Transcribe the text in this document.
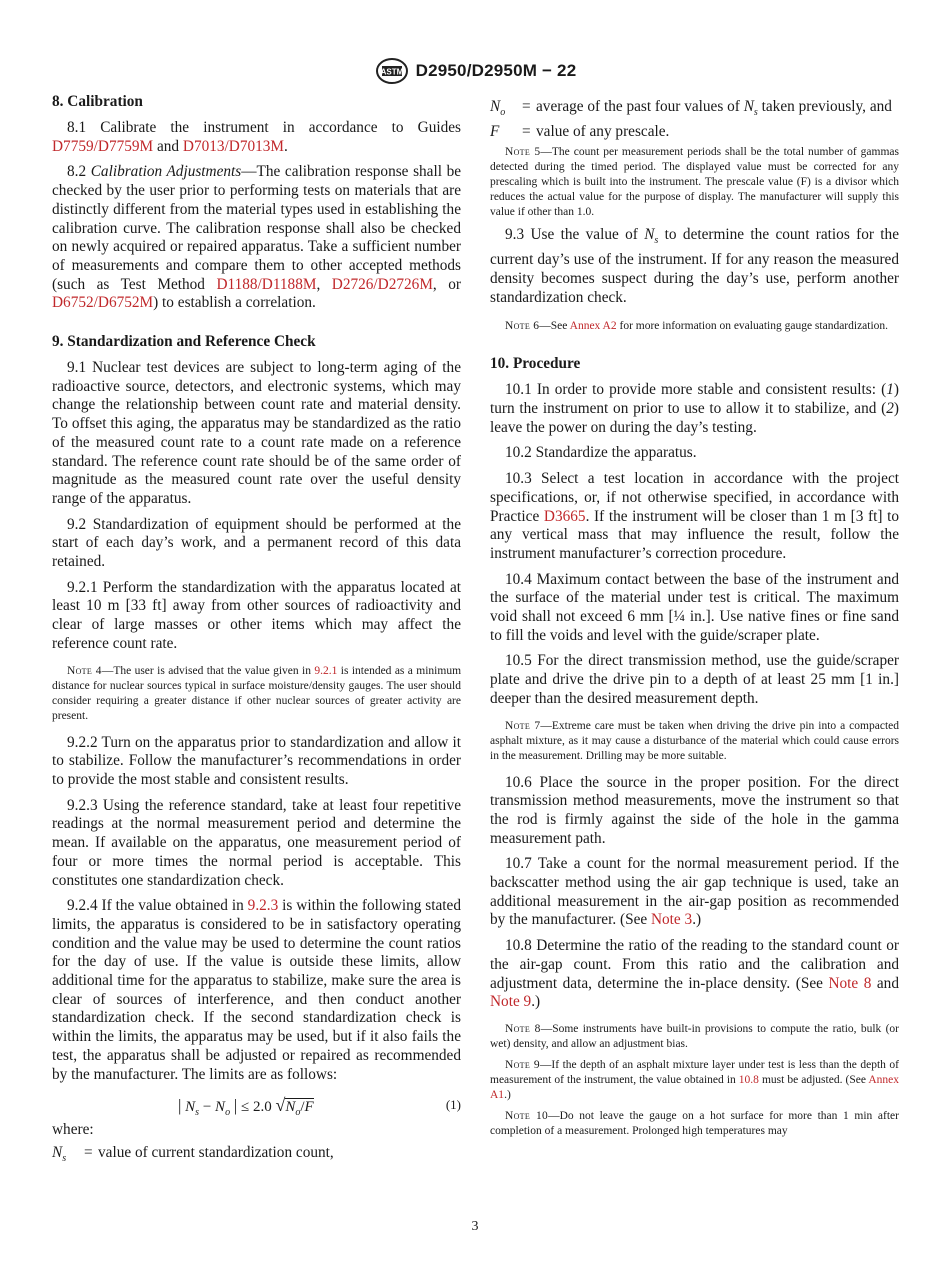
ASTM D2950/D2950M − 22
8. Calibration

8.1 Calibrate the instrument in accordance to Guides D7759/D7759M and D7013/D7013M.

8.2 Calibration Adjustments—The calibration response shall be checked by the user prior to performing tests on materials that are distinctly different from the material types used in establishing the calibration curve. The calibration response shall also be checked on newly acquired or repaired apparatus. Take a sufficient number of measurements and compare them to other accepted methods (such as Test Method D1188/D1188M, D2726/D2726M, or D6752/D6752M) to establish a correlation.

9. Standardization and Reference Check

9.1 Nuclear test devices are subject to long-term aging of the radioactive source, detectors, and electronic systems, which may change the relationship between count rate and material density. To offset this aging, the apparatus may be standardized as the ratio of the measured count rate to a count rate made on a reference standard. The reference count rate should be of the same order of magnitude as the measured count rate over the useful density range of the apparatus.

9.2 Standardization of equipment should be performed at the start of each day’s work, and a permanent record of this data retained.

9.2.1 Perform the standardization with the apparatus located at least 10 m [33 ft] away from other sources of radioactivity and clear of large masses or other items which may affect the reference count rate.

Note 4—The user is advised that the value given in 9.2.1 is intended as a minimum distance for nuclear sources typical in surface moisture/density gauges. The user should consider requiring a greater distance if other nuclear sources of greater activity are present.

9.2.2 Turn on the apparatus prior to standardization and allow it to stabilize. Follow the manufacturer’s recommendations in order to provide the most stable and consistent results.

9.2.3 Using the reference standard, take at least four repetitive readings at the normal measurement period and determine the mean. If available on the apparatus, one measurement period of four or more times the normal period is acceptable. This constitutes one standardization check.

9.2.4 If the value obtained in 9.2.3 is within the following stated limits, the apparatus is considered to be in satisfactory operating condition and the value may be used to determine the count ratios for the day of use. If the value is outside these limits, allow additional time for the apparatus to stabilize, make sure the area is clear of sources of interference, and then conduct another standardization check. If the second standardization check is within the limits, the apparatus may be used, but if it also fails the test, the apparatus shall be adjusted or repaired as recommended by the manufacturer. The limits are as follows:

| $N_s - N_o$ | ≤ 2.0 $√N_o/F$	(1)

where:

$N_s$	= value of current standardization count,
$N_o$	= average of the past four values of $N_s$ taken previously, and
F	= value of any prescale.

Note 5—The count per measurement periods shall be the total number of gammas detected during the timed period. The displayed value must be corrected for any prescaling which is built into the instrument. The prescale value (F) is a divisor which reduces the actual value for the purpose of display. The manufacturer will supply this value if other than 1.0.

9.3 Use the value of $N_s$ to determine the count ratios for the current day’s use of the instrument. If for any reason the measured density becomes suspect during the day’s use, perform another standardization check.

Note 6—See Annex A2 for more information on evaluating gauge standardization.

10. Procedure

10.1 In order to provide more stable and consistent results: (1) turn the instrument on prior to use to allow it to stabilize, and (2) leave the power on during the day’s testing.

10.2 Standardize the apparatus.

10.3 Select a test location in accordance with the project specifications, or, if not otherwise specified, in accordance with Practice D3665. If the instrument will be closer than 1 m [3 ft] to any vertical mass that may influence the result, follow the instrument manufacturer’s correction procedure.

10.4 Maximum contact between the base of the instrument and the surface of the material under test is critical. The maximum void shall not exceed 6 mm [¼ in.]. Use native fines or fine sand to fill the voids and level with the guide/scraper plate.

10.5 For the direct transmission method, use the guide/scraper plate and drive the drive pin to a depth of at least 25 mm [1 in.] deeper than the desired measurement depth.

Note 7—Extreme care must be taken when driving the drive pin into a compacted asphalt mixture, as it may cause a disturbance of the material which could cause errors in the measurement. Drilling may be more suitable.

10.6 Place the source in the proper position. For the direct transmission method measurements, move the instrument so that the rod is firmly against the side of the hole in the gamma measurement path.

10.7 Take a count for the normal measurement period. If the backscatter method using the air gap technique is used, take an additional measurement in the air-gap position as recommended by the manufacturer. (See Note 3.)

10.8 Determine the ratio of the reading to the standard count or the air-gap count. From this ratio and the calibration and adjustment data, determine the in-place density. (See Note 8 and Note 9.)

Note 8—Some instruments have built-in provisions to compute the ratio, bulk (or wet) density, and allow an adjustment bias.

Note 9—If the depth of an asphalt mixture layer under test is less than the depth of measurement of the instrument, the value obtained in 10.8 must be adjusted. (See Annex A1.)

Note 10—Do not leave the gauge on a hot surface for more than 1 min after completion of a measurement. Prolonged high temperatures may

3
